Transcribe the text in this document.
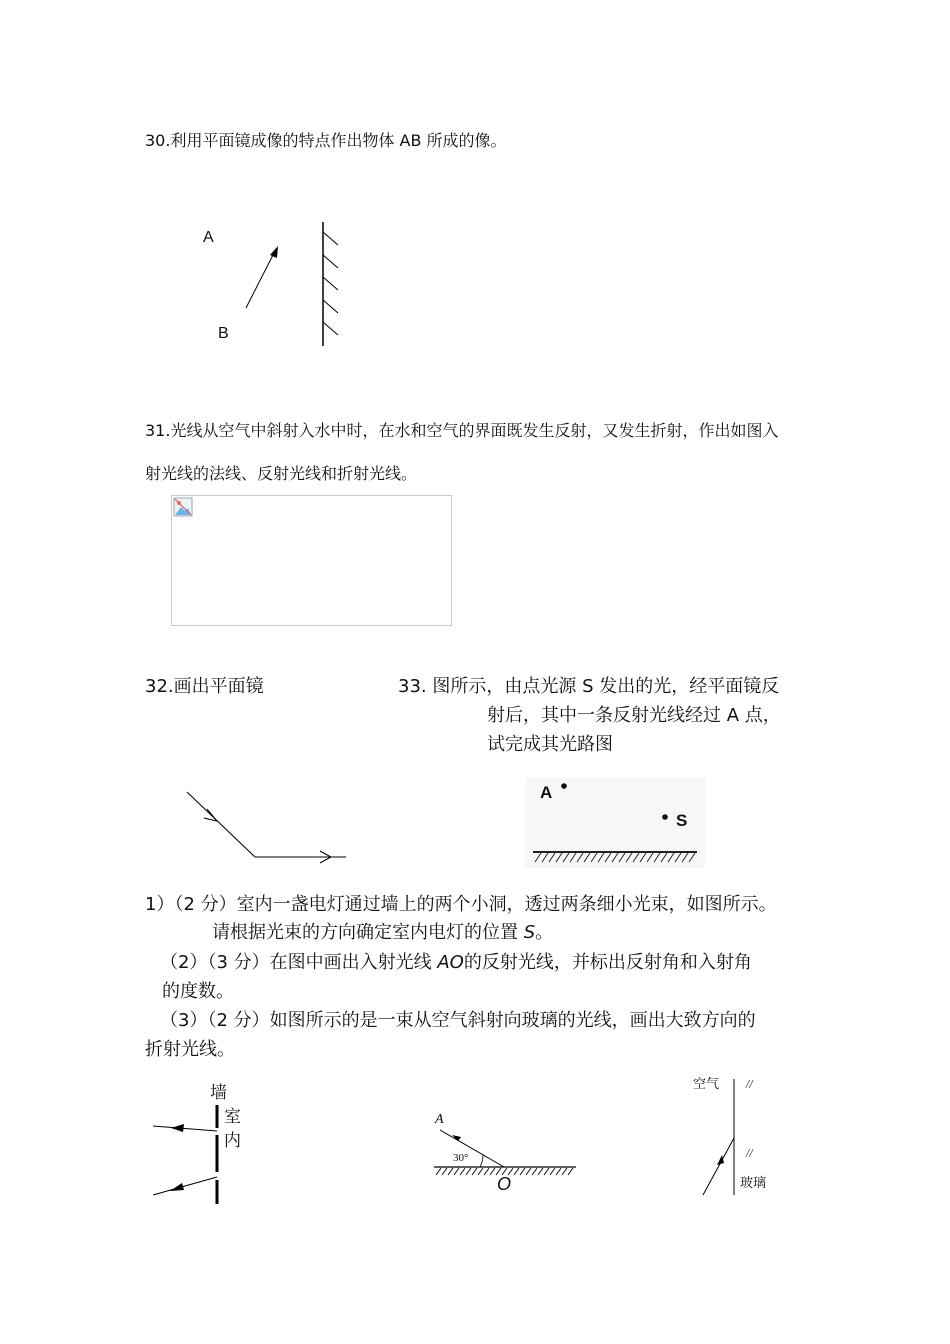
30.利用平面镜成像的特点作出物体 AB 所成的像。
A
B
31.光线从空气中斜射入水中时，在水和空气的界面既发生反射，又发生折射，作出如图入
射光线的法线、反射光线和折射光线。
32.画出平面镜	33. 图所示，由点光源 S 发出的光，经平面镜反
射后，其中一条反射光线经过 A 点，
试完成其光路图
A
S
1）（2 分）室内一盏电灯通过墙上的两个小洞，透过两条细小光束，如图所示。
请根据光束的方向确定室内电灯的位置 S。
（2）（3 分）在图中画出入射光线 AO的反射光线，并标出反射角和入射角
的度数。
（3）（2 分）如图所示的是一束从空气斜射向玻璃的光线，画出大致方向的
折射光线。
墙
室
内
A
30°
O
空气	//
//
玻璃
